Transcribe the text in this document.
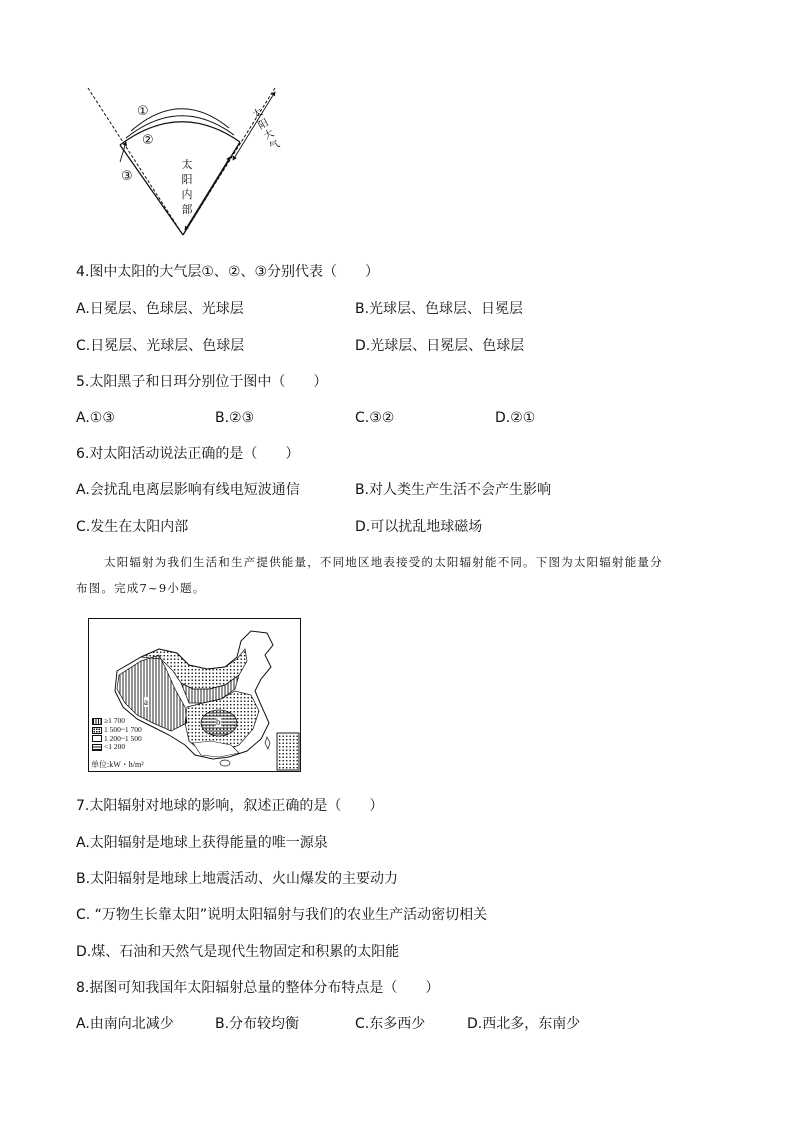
①
②
③
太
阳
内
部
太
阳
大
气
4.图中太阳的大气层①、②、③分别代表（　　）
A.日冕层、色球层、光球层	B.光球层、色球层、日冕层
C.日冕层、光球层、色球层	D.光球层、日冕层、色球层
5.太阳黑子和日珥分别位于图中（　　）
A.①③	B.②③	C.③②	D.②①
6.对太阳活动说法正确的是（　　）
A.会扰乱电离层影响有线电短波通信	B.对人类生产生活不会产生影响
C.发生在太阳内部	D.可以扰乱地球磁场
太阳辐射为我们生活和生产提供能量，不同地区地表接受的太阳辐射能不同。下图为太阳辐射能量分
布图。完成7~9小题。
a
b
≥1 700
1 500~1 700
1 200~1 500
<1 200
单位:kW・h/m²
7.太阳辐射对地球的影响，叙述正确的是（　　）
A.太阳辐射是地球上获得能量的唯一源泉
B.太阳辐射是地球上地震活动、火山爆发的主要动力
C. “万物生长靠太阳”说明太阳辐射与我们的农业生产活动密切相关
D.煤、石油和天然气是现代生物固定和积累的太阳能
8.据图可知我国年太阳辐射总量的整体分布特点是（　　）
A.由南向北减少	B.分布较均衡	C.东多西少	D.西北多，东南少
